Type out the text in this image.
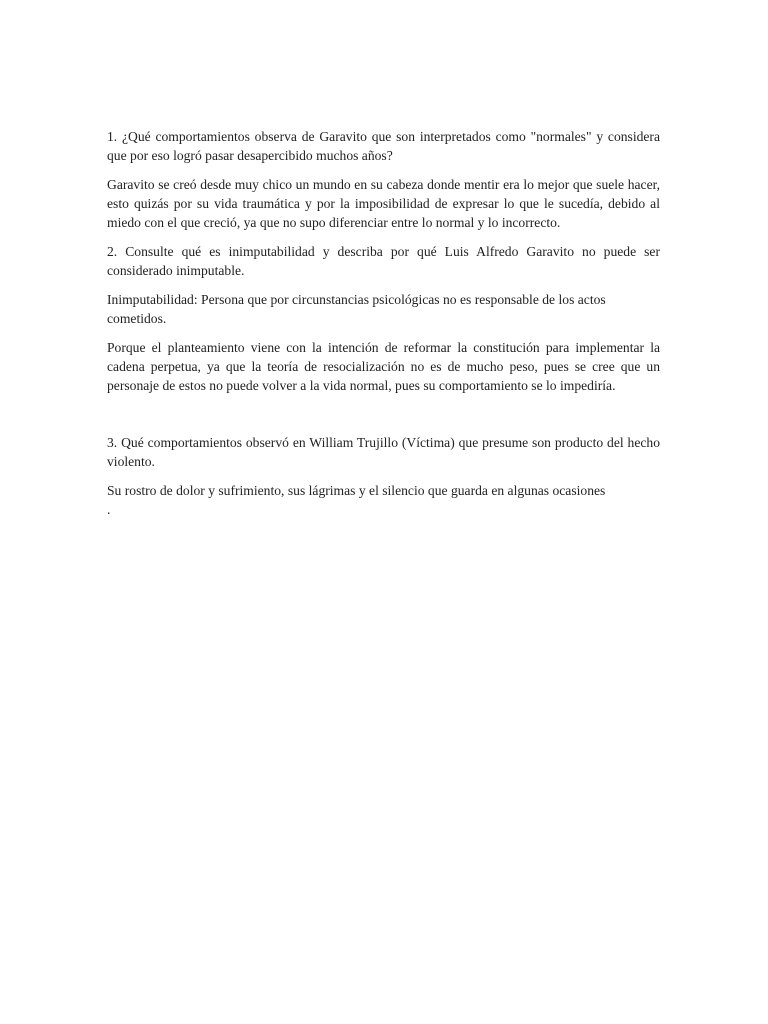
1. ¿Qué comportamientos observa de Garavito que son interpretados como "normales" y considera que por eso logró pasar desapercibido muchos años?

Garavito se creó desde muy chico un mundo en su cabeza donde mentir era lo mejor que suele hacer, esto quizás por su vida traumática y por la imposibilidad de expresar lo que le sucedía, debido al miedo con el que creció, ya que no supo diferenciar entre lo normal y lo incorrecto.

2. Consulte qué es inimputabilidad y describa por qué Luis Alfredo Garavito no puede ser considerado inimputable.

Inimputabilidad: Persona que por circunstancias psicológicas no es responsable de los actos cometidos.

Porque el planteamiento viene con la intención de reformar la constitución para implementar la cadena perpetua, ya que la teoría de resocialización no es de mucho peso, pues se cree que un personaje de estos no puede volver a la vida normal, pues su comportamiento se lo impediría.

3. Qué comportamientos observó en William Trujillo (Víctima) que presume son producto del hecho violento.

Su rostro de dolor y sufrimiento, sus lágrimas y el silencio que guarda en algunas ocasiones

.
